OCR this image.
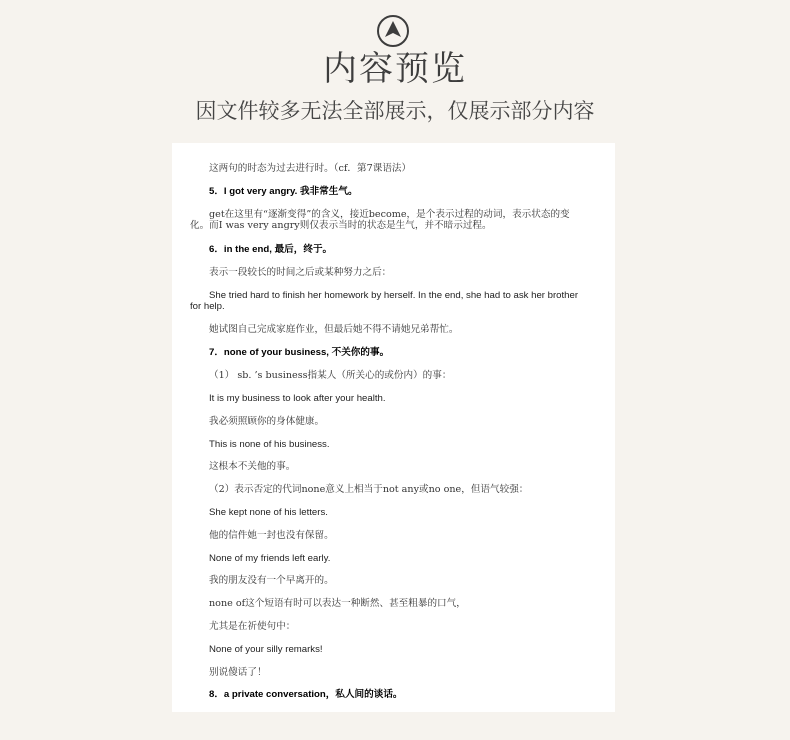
内容预览
因文件较多无法全部展示，仅展示部分内容
这两句的时态为过去进行时。（cf．第7课语法）
5．I got very angry. 我非常生气。
get在这里有“逐渐变得”的含义，接近become，是个表示过程的动词，表示状态的变
化。而I was very angry则仅表示当时的状态是生气，并不暗示过程。
6．in the end, 最后，终于。
表示一段较长的时间之后或某种努力之后：
She tried hard to finish her homework by herself. In the end, she had to ask her brother
for help.
她试图自己完成家庭作业，但最后她不得不请她兄弟帮忙。
7．none of your business, 不关你的事。
（1） sb. ’s business指某人（所关心的或份内）的事：
It is my business to look after your health.
我必须照顾你的身体健康。
This is none of his business.
这根本不关他的事。
（2）表示否定的代词none意义上相当于not any或no one，但语气较强：
She kept none of his letters.
他的信件她一封也没有保留。
None of my friends left early.
我的朋友没有一个早离开的。
none of这个短语有时可以表达一种断然、甚至粗暴的口气，
尤其是在祈使句中：
None of your silly remarks!
别说傻话了！
8．a private conversation，私人间的谈话。
